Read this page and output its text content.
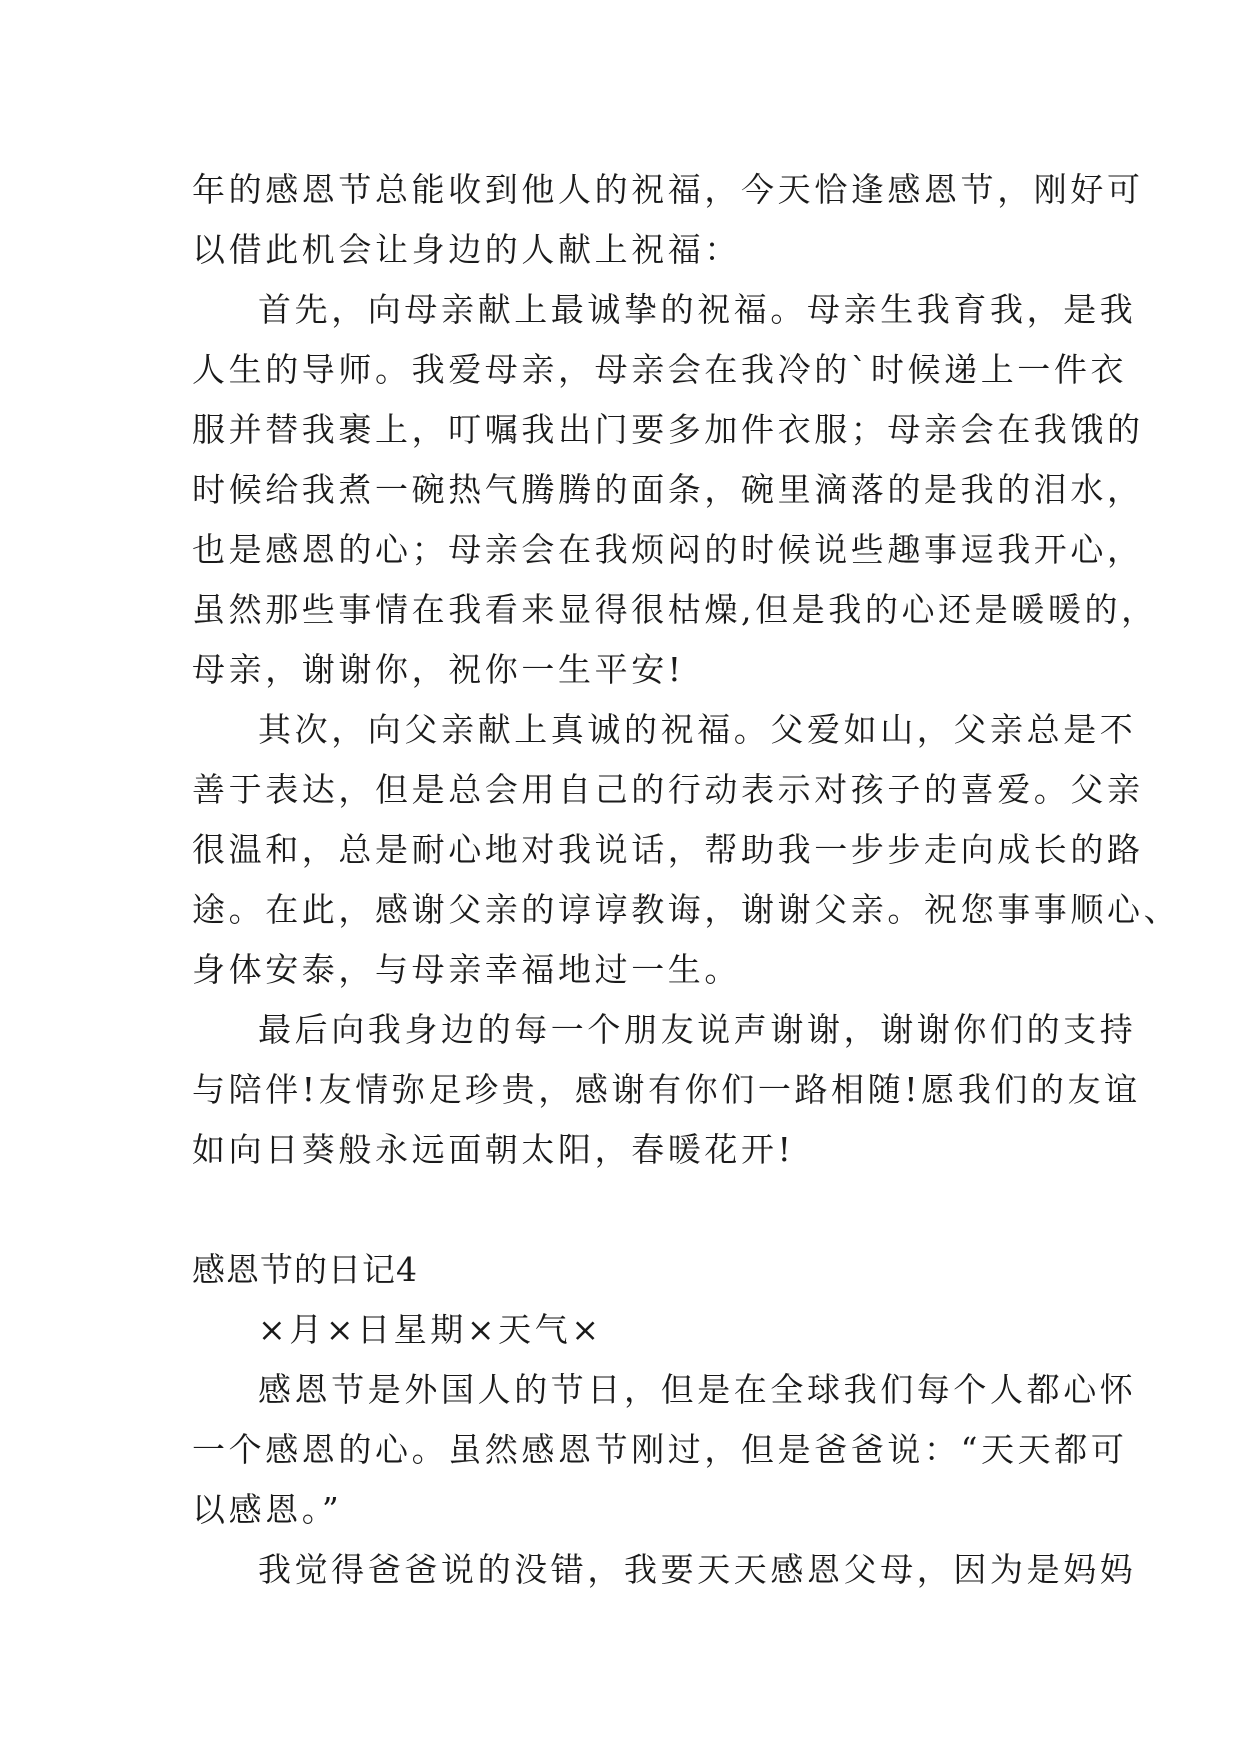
年的感恩节总能收到他人的祝福，今天恰逢感恩节，刚好可
以借此机会让身边的人献上祝福：
首先，向母亲献上最诚挚的祝福。母亲生我育我，是我
人生的导师。我爱母亲，母亲会在我冷的`时候递上一件衣
服并替我裹上，叮嘱我出门要多加件衣服；母亲会在我饿的
时候给我煮一碗热气腾腾的面条，碗里滴落的是我的泪水，
也是感恩的心；母亲会在我烦闷的时候说些趣事逗我开心，
虽然那些事情在我看来显得很枯燥,但是我的心还是暖暖的，
母亲，谢谢你，祝你一生平安!
其次，向父亲献上真诚的祝福。父爱如山，父亲总是不
善于表达，但是总会用自己的行动表示对孩子的喜爱。父亲
很温和，总是耐心地对我说话，帮助我一步步走向成长的路
途。在此，感谢父亲的谆谆教诲，谢谢父亲。祝您事事顺心、
身体安泰，与母亲幸福地过一生。
最后向我身边的每一个朋友说声谢谢，谢谢你们的支持
与陪伴!友情弥足珍贵，感谢有你们一路相随!愿我们的友谊
如向日葵般永远面朝太阳，春暖花开!
感恩节的日记4
×月×日星期×天气×
感恩节是外国人的节日，但是在全球我们每个人都心怀
一个感恩的心。虽然感恩节刚过，但是爸爸说：“天天都可
以感恩。”
我觉得爸爸说的没错，我要天天感恩父母，因为是妈妈
